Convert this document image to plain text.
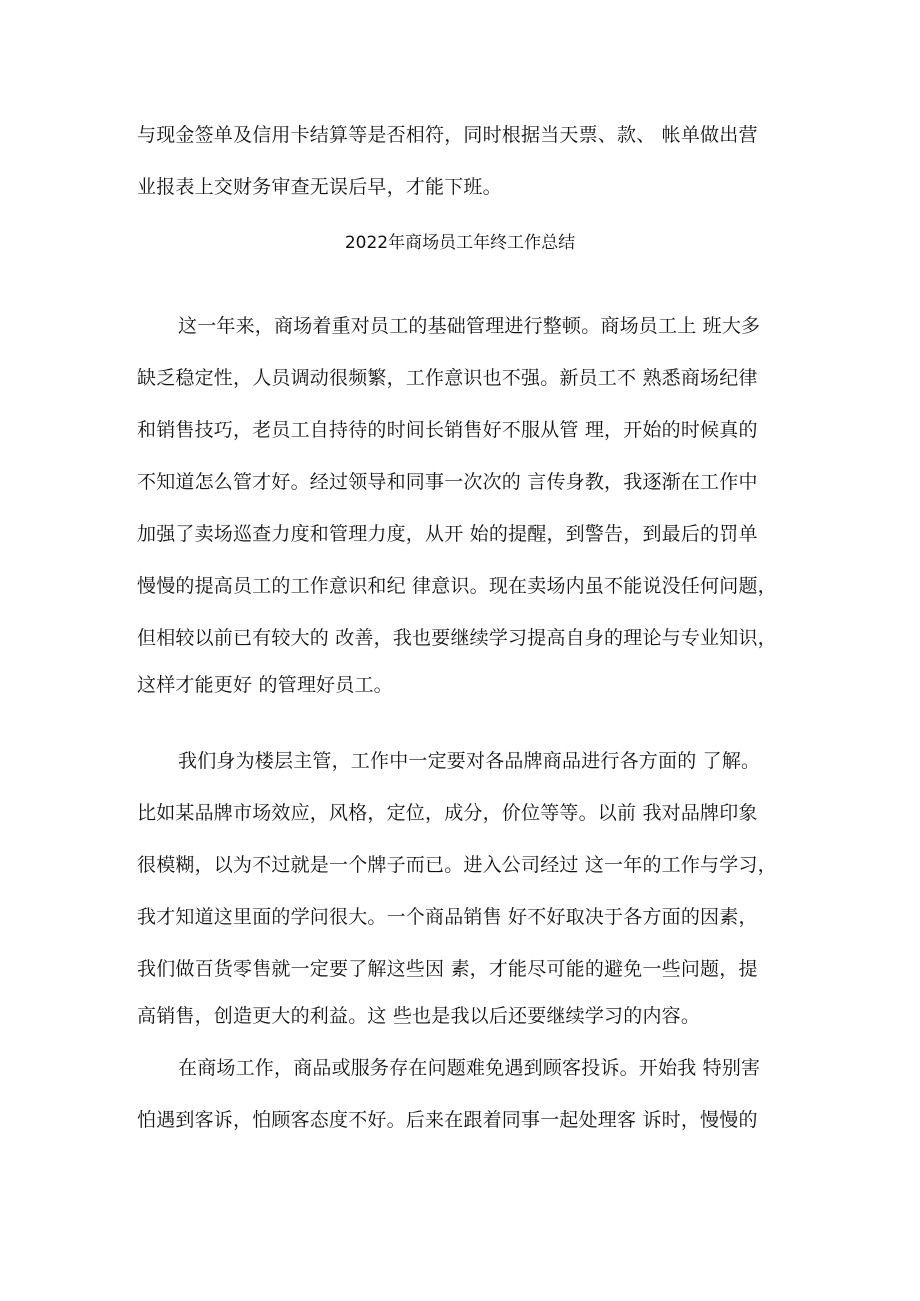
与现金签单及信用卡结算等是否相符，同时根据当天票、款、 帐单做出营
业报表上交财务审查无误后早，才能下班。
2022年商场员工年终工作总结
这一年来，商场着重对员工的基础管理进行整顿。商场员工上 班大多
缺乏稳定性，人员调动很频繁，工作意识也不强。新员工不 熟悉商场纪律
和销售技巧，老员工自持待的时间长销售好不服从管 理，开始的时候真的
不知道怎么管才好。经过领导和同事一次次的 言传身教，我逐渐在工作中
加强了卖场巡查力度和管理力度，从开 始的提醒，到警告，到最后的罚单
慢慢的提高员工的工作意识和纪 律意识。现在卖场内虽不能说没任何问题，
但相较以前已有较大的 改善，我也要继续学习提高自身的理论与专业知识，
这样才能更好 的管理好员工。
我们身为楼层主管，工作中一定要对各品牌商品进行各方面的 了解。
比如某品牌市场效应，风格，定位，成分，价位等等。以前 我对品牌印象
很模糊，以为不过就是一个牌子而已。进入公司经过 这一年的工作与学习，
我才知道这里面的学问很大。一个商品销售 好不好取决于各方面的因素，
我们做百货零售就一定要了解这些因 素，才能尽可能的避免一些问题，提
高销售，创造更大的利益。这 些也是我以后还要继续学习的内容。
在商场工作，商品或服务存在问题难免遇到顾客投诉。开始我 特别害
怕遇到客诉，怕顾客态度不好。后来在跟着同事一起处理客 诉时，慢慢的
